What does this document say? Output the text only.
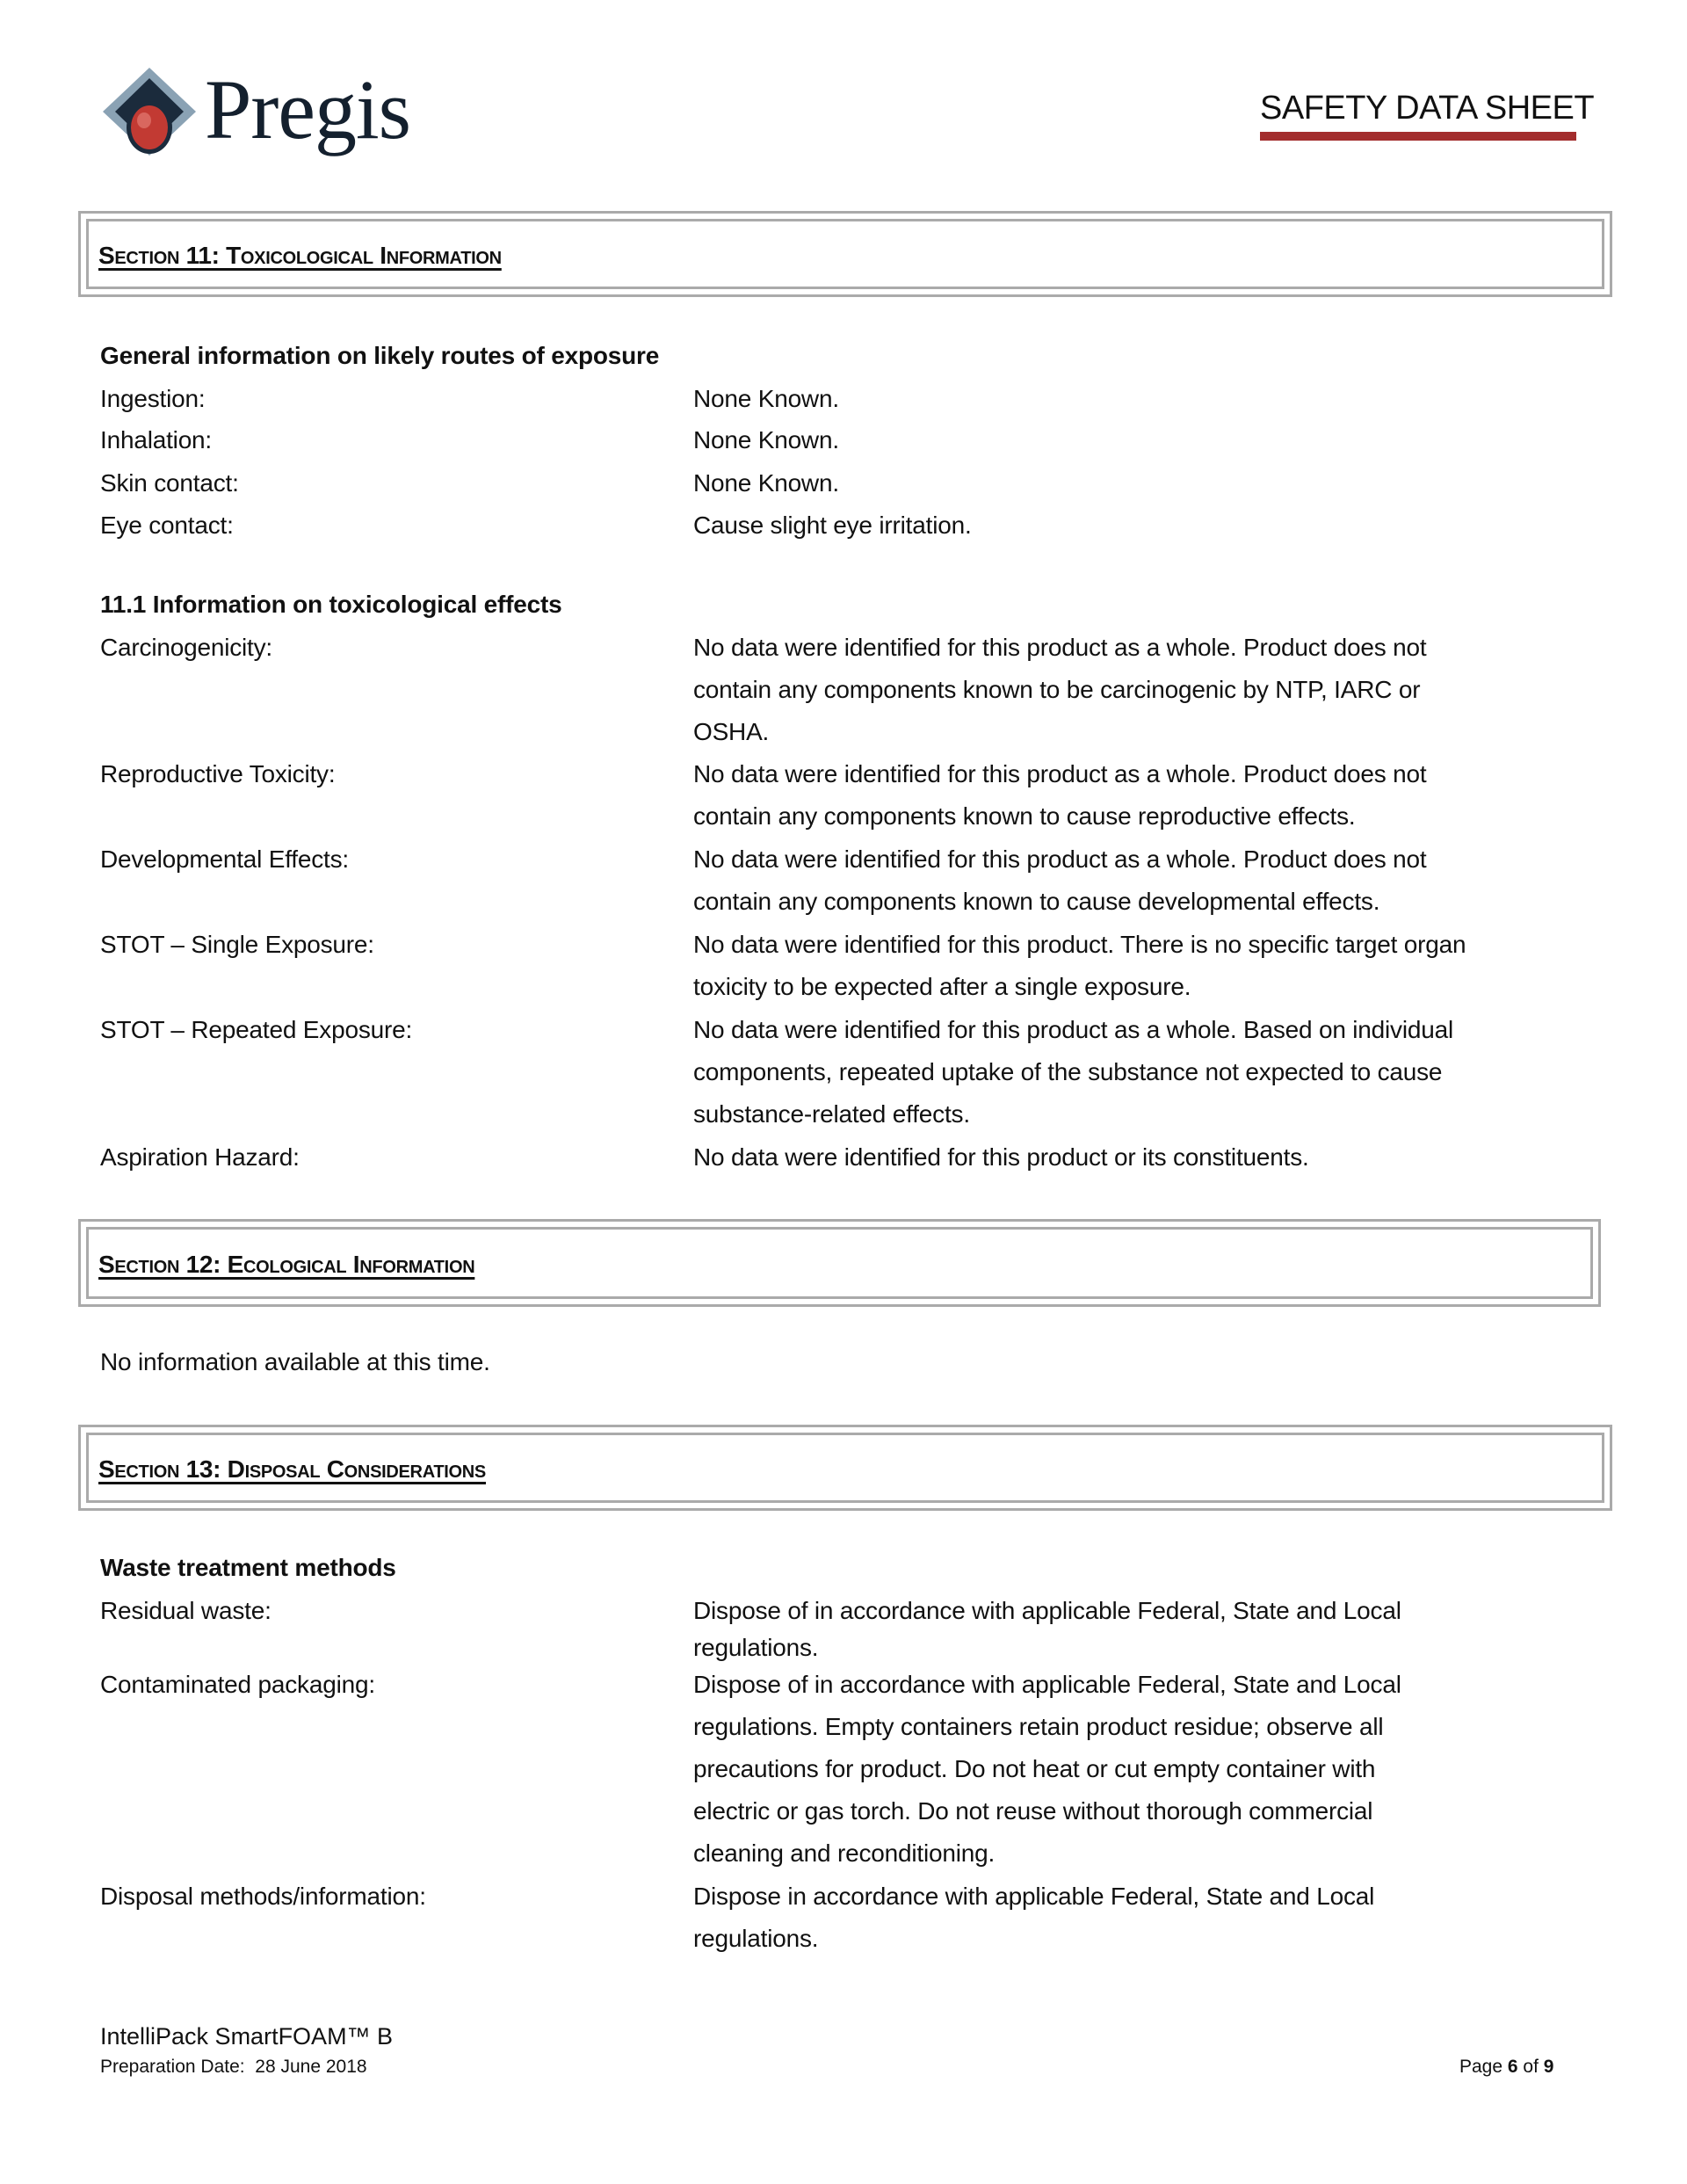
Pregis	SAFETY DATA SHEET
Section 11: Toxicological Information
General information on likely routes of exposure
Ingestion:	None Known.
Inhalation:	None Known.
Skin contact:	None Known.
Eye contact:	Cause slight eye irritation.
11.1 Information on toxicological effects
Carcinogenicity:	No data were identified for this product as a whole. Product does not
contain any components known to be carcinogenic by NTP, IARC or
OSHA.
Reproductive Toxicity:	No data were identified for this product as a whole. Product does not
contain any components known to cause reproductive effects.
Developmental Effects:	No data were identified for this product as a whole. Product does not
contain any components known to cause developmental effects.
STOT – Single Exposure:	No data were identified for this product. There is no specific target organ
toxicity to be expected after a single exposure.
STOT – Repeated Exposure:	No data were identified for this product as a whole. Based on individual
components, repeated uptake of the substance not expected to cause
substance-related effects.
Aspiration Hazard:	No data were identified for this product or its constituents.
Section 12: Ecological Information
No information available at this time.
Section 13: Disposal Considerations
Waste treatment methods
Residual waste:	Dispose of in accordance with applicable Federal, State and Local
regulations.
Contaminated packaging:	Dispose of in accordance with applicable Federal, State and Local
regulations. Empty containers retain product residue; observe all
precautions for product. Do not heat or cut empty container with
electric or gas torch. Do not reuse without thorough commercial
cleaning and reconditioning.
Disposal methods/information:	Dispose in accordance with applicable Federal, State and Local
regulations.
IntelliPack SmartFOAM™ B
Preparation Date: 28 June 2018	Page 6 of 9
